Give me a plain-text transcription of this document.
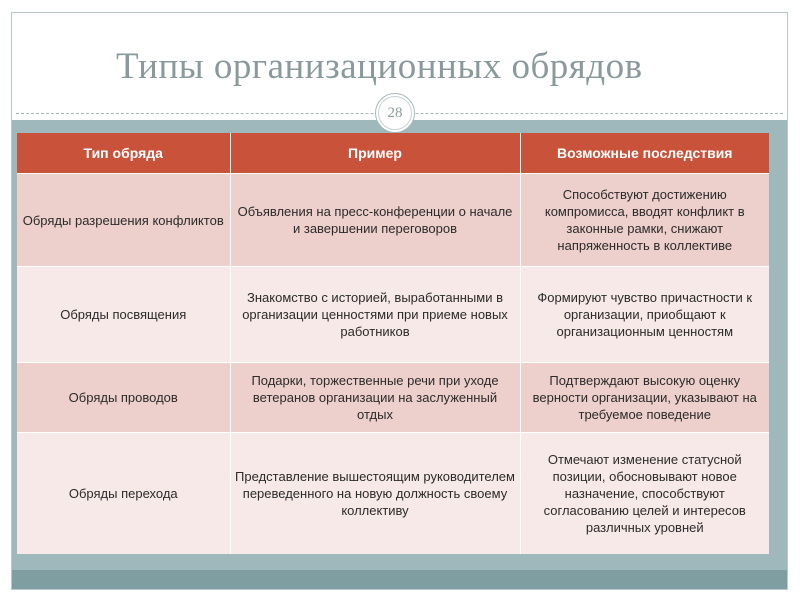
Типы организационных обрядов
28
Тип обряда	Пример	Возможные последствия
Обряды разрешения конфликтов	Объявления на пресс-конференции о начале и завершении переговоров	Способствуют достижению компромисса, вводят конфликт в законные рамки, снижают напряженность в коллективе
Обряды посвящения	Знакомство с историей, выработанными в организации ценностями при приеме новых работников	Формируют чувство причастности к организации, приобщают к организационным ценностям
Обряды проводов	Подарки, торжественные речи при уходе ветеранов организации на заслуженный отдых	Подтверждают высокую оценку верности организации, указывают на требуемое поведение
Обряды перехода	Представление вышестоящим руководителем переведенного на новую должность своему коллективу	Отмечают изменение статусной позиции, обосновывают новое назначение, способствуют согласованию целей и интересов различных уровней
